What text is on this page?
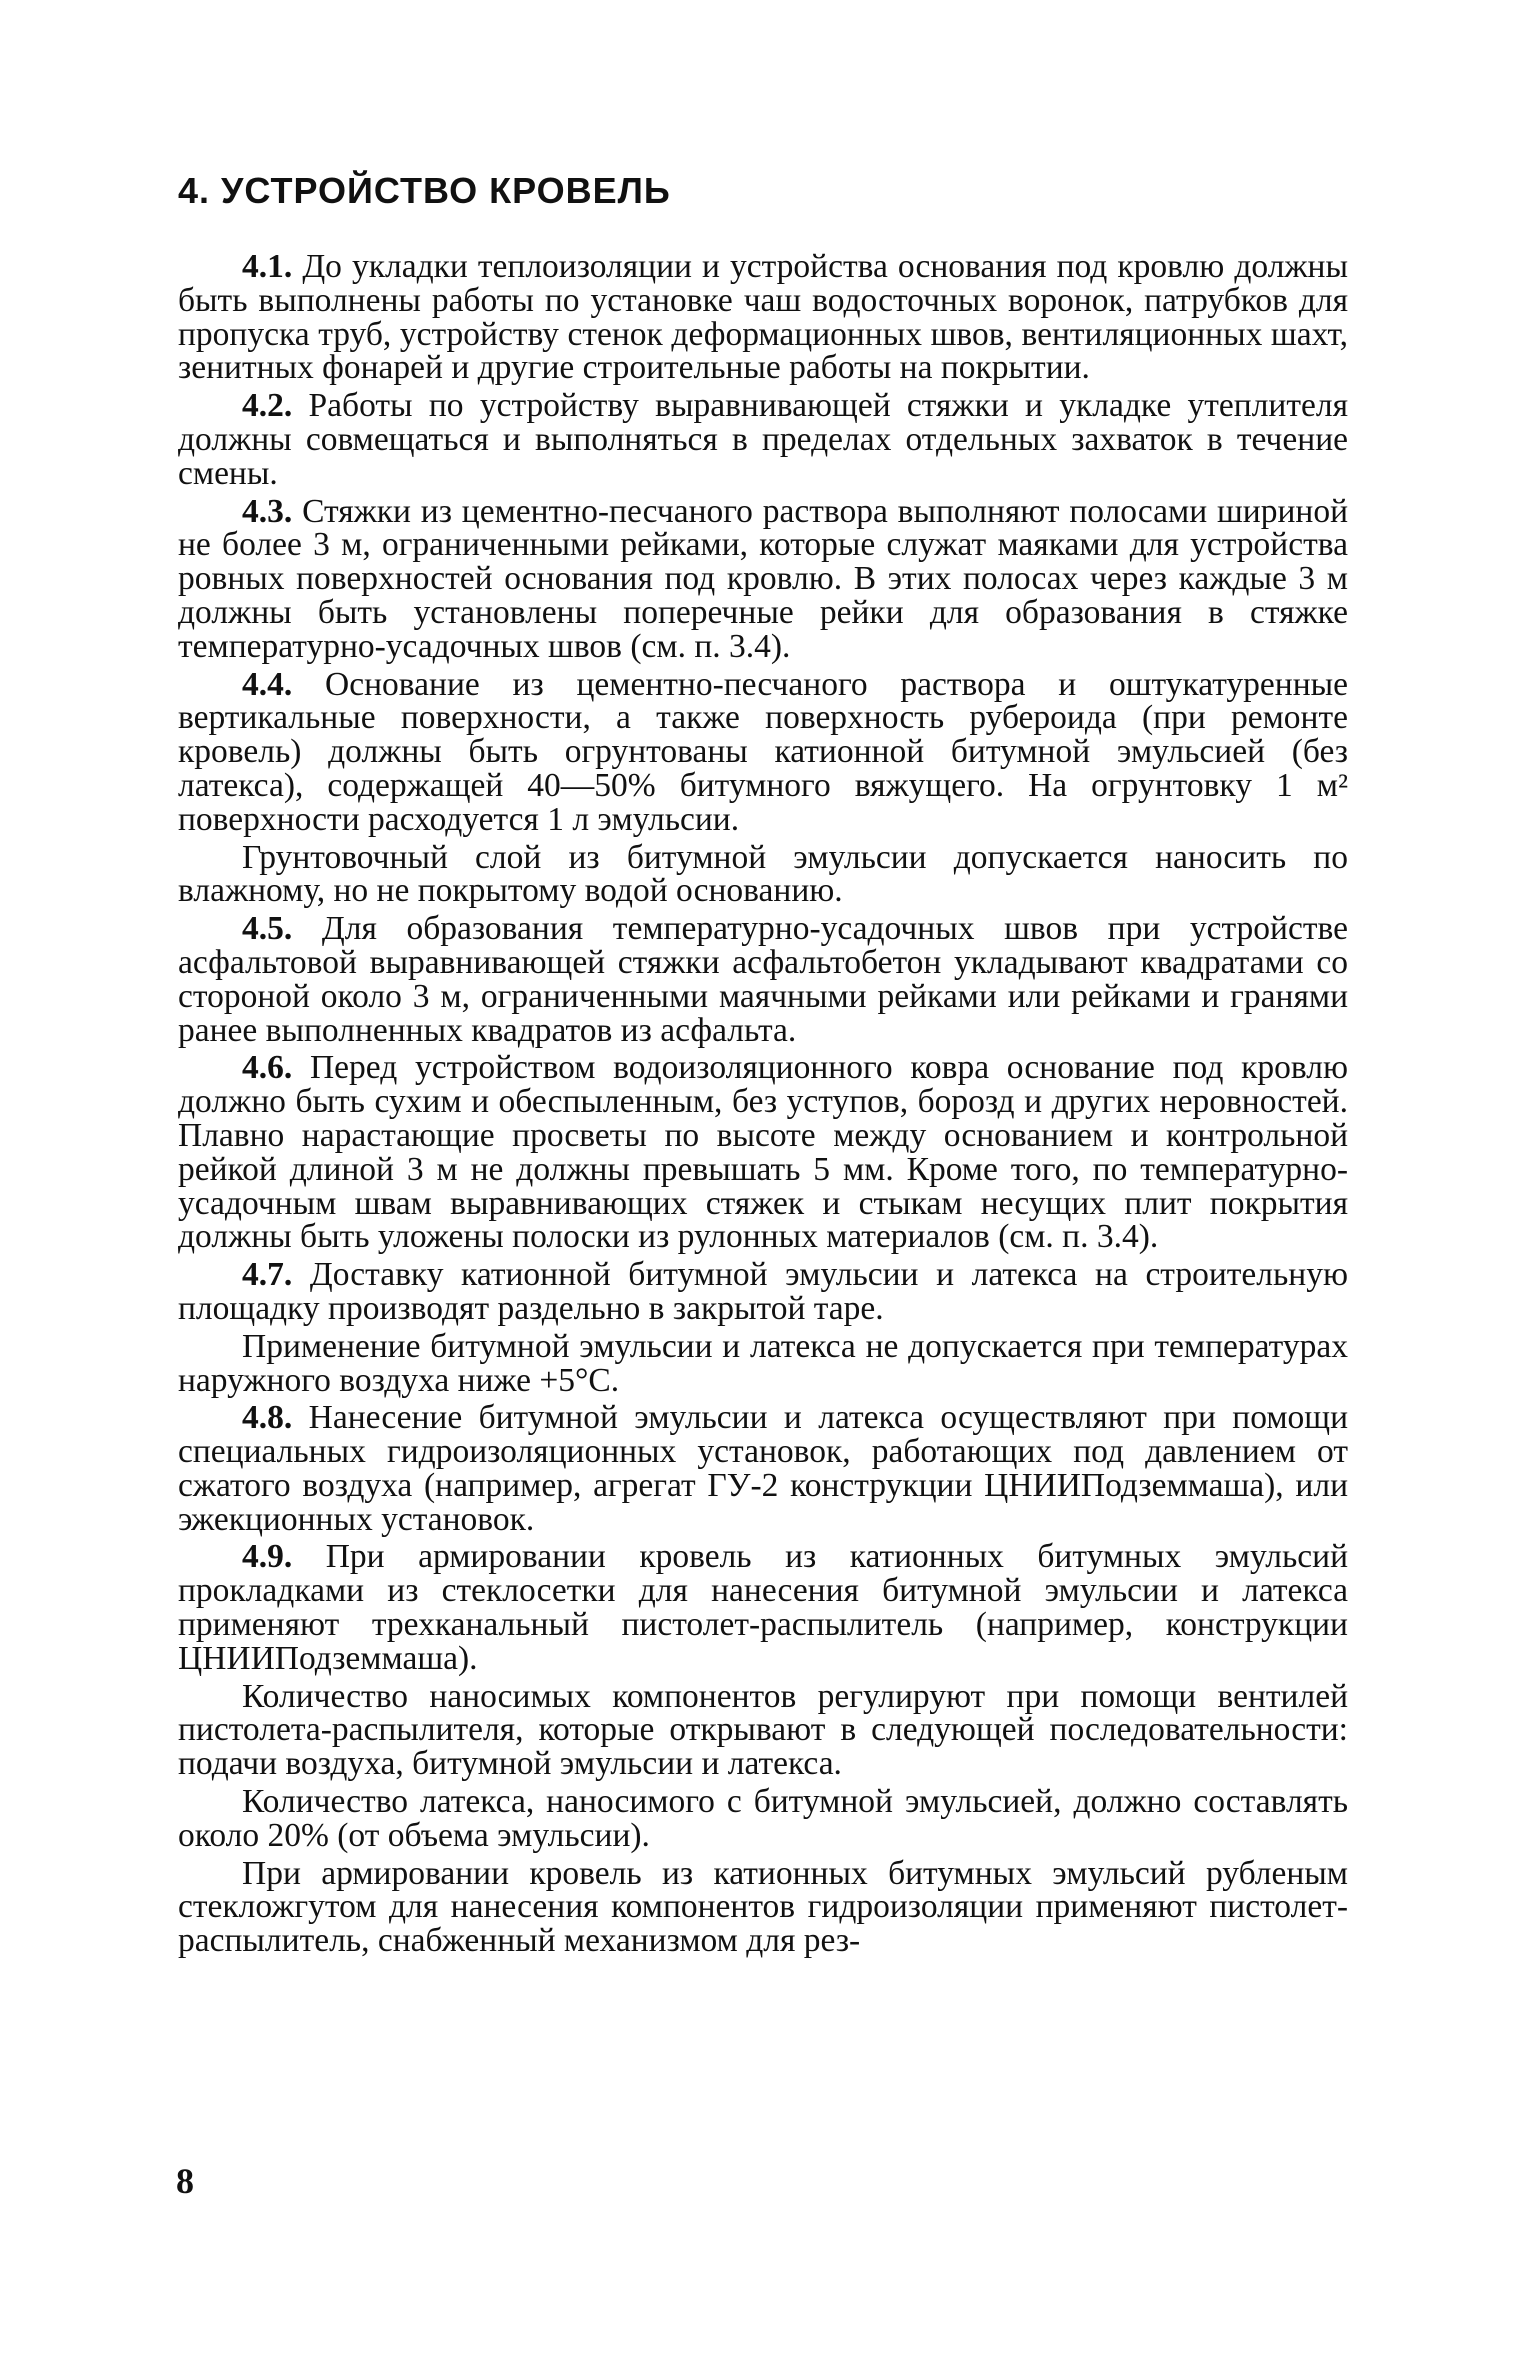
4. УСТРОЙСТВО КРОВЕЛЬ

4.1. До укладки теплоизоляции и устройства основания под кровлю должны быть выполнены работы по установке чаш водосточных воронок, патрубков для пропуска труб, устройству стенок деформационных швов, вентиляционных шахт, зенитных фонарей и другие строительные работы на покрытии.

4.2. Работы по устройству выравнивающей стяжки и укладке утеплителя должны совмещаться и выполняться в пределах отдельных захваток в течение смены.

4.3. Стяжки из цементно-песчаного раствора выполняют полосами шириной не более 3 м, ограниченными рейками, которые служат маяками для устройства ровных поверхностей основания под кровлю. В этих полосах через каждые 3 м должны быть установлены поперечные рейки для образования в стяжке температурно-усадочных швов (см. п. 3.4).

4.4. Основание из цементно-песчаного раствора и оштукатуренные вертикальные поверхности, а также поверхность рубероида (при ремонте кровель) должны быть огрунтованы катионной битумной эмульсией (без латекса), содержащей 40—50% битумного вяжущего. На огрунтовку 1 м² поверхности расходуется 1 л эмульсии.

Грунтовочный слой из битумной эмульсии допускается наносить по влажному, но не покрытому водой основанию.

4.5. Для образования температурно-усадочных швов при устройстве асфальтовой выравнивающей стяжки асфальтобетон укладывают квадратами со стороной около 3 м, ограниченными маячными рейками или рейками и гранями ранее выполненных квадратов из асфальта.

4.6. Перед устройством водоизоляционного ковра основание под кровлю должно быть сухим и обеспыленным, без уступов, борозд и других неровностей. Плавно нарастающие просветы по высоте между основанием и контрольной рейкой длиной 3 м не должны превышать 5 мм. Кроме того, по температурно-усадочным швам выравнивающих стяжек и стыкам несущих плит покрытия должны быть уложены полоски из рулонных материалов (см. п. 3.4).

4.7. Доставку катионной битумной эмульсии и латекса на строительную площадку производят раздельно в закрытой таре.

Применение битумной эмульсии и латекса не допускается при температурах наружного воздуха ниже +5°С.

4.8. Нанесение битумной эмульсии и латекса осуществляют при помощи специальных гидроизоляционных установок, работающих под давлением от сжатого воздуха (например, агрегат ГУ-2 конструкции ЦНИИПодземмаша), или эжекционных установок.

4.9. При армировании кровель из катионных битумных эмульсий прокладками из стеклосетки для нанесения битумной эмульсии и латекса применяют трехканальный пистолет-распылитель (например, конструкции ЦНИИПодземмаша).

Количество наносимых компонентов регулируют при помощи вентилей пистолета-распылителя, которые открывают в следующей последовательности: подачи воздуха, битумной эмульсии и латекса.

Количество латекса, наносимого с битумной эмульсией, должно составлять около 20% (от объема эмульсии).

При армировании кровель из катионных битумных эмульсий рубленым стекложгутом для нанесения компонентов гидроизоляции применяют пистолет-распылитель, снабженный механизмом для рез-

8
